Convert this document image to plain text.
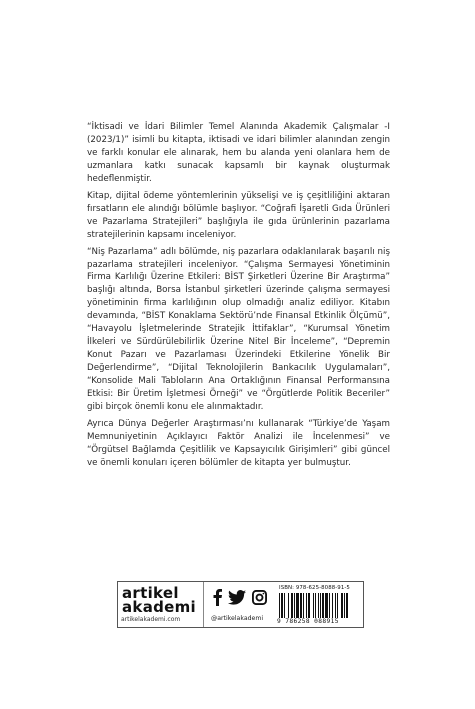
“İktisadi ve İdari Bilimler Temel Alanında Akademik Çalışmalar -I (2023/1)” isimli bu kitapta, iktisadi ve idari bilimler alanından zengin ve farklı konular ele alınarak, hem bu alanda yeni olanlara hem de uzmanlara katkı sunacak kapsamlı bir kaynak oluşturmak hedeflenmiştir.

Kitap, dijital ödeme yöntemlerinin yükselişi ve iş çeşitliliğini aktaran fırsatların ele alındığı bölümle başlıyor. “Coğrafi İşaretli Gıda Ürünleri ve Pazarlama Stratejileri” başlığıyla ile gıda ürünlerinin pazarlama stratejilerinin kapsamı inceleniyor.

“Niş Pazarlama” adlı bölümde, niş pazarlara odaklanılarak başarılı niş pazarlama stratejileri inceleniyor. “Çalışma Sermayesi Yönetiminin Firma Karlılığı Üzerine Etkileri: BİST Şirketleri Üzerine Bir Araştırma” başlığı altında, Borsa İstanbul şirketleri üzerinde çalışma sermayesi yönetiminin firma karlılığının olup olmadığı analiz ediliyor. Kitabın devamında, “BİST Konaklama Sektörü’nde Finansal Etkinlik Ölçümü”, “Havayolu İşletmelerinde Stratejik İttifaklar”, “Kurumsal Yönetim İlkeleri ve Sürdürülebilirlik Üzerine Nitel Bir İnceleme”, “Depremin Konut Pazarı ve Pazarlaması Üzerindeki Etkilerine Yönelik Bir Değerlendirme”, “Dijital Teknolojilerin Bankacılık Uygulamaları”, “Konsolide Mali Tabloların Ana Ortaklığının Finansal Performansına Etkisi: Bir Üretim İşletmesi Örneği” ve “Örgütlerde Politik Beceriler” gibi birçok önemli konu ele alınmaktadır.

Ayrıca Dünya Değerler Araştırması’nı kullanarak “Türkiye’de Yaşam Memnuniyetinin Açıklayıcı Faktör Analizi ile İncelenmesi” ve “Örgütsel Bağlamda Çeşitlilik ve Kapsayıcılık Girişimleri” gibi güncel ve önemli konuları içeren bölümler de kitapta yer bulmuştur.

artikel
akademi
artikelakademi.com	@artikelakademi
ISBN: 978-625-8088-91-5
9 786258 088915
